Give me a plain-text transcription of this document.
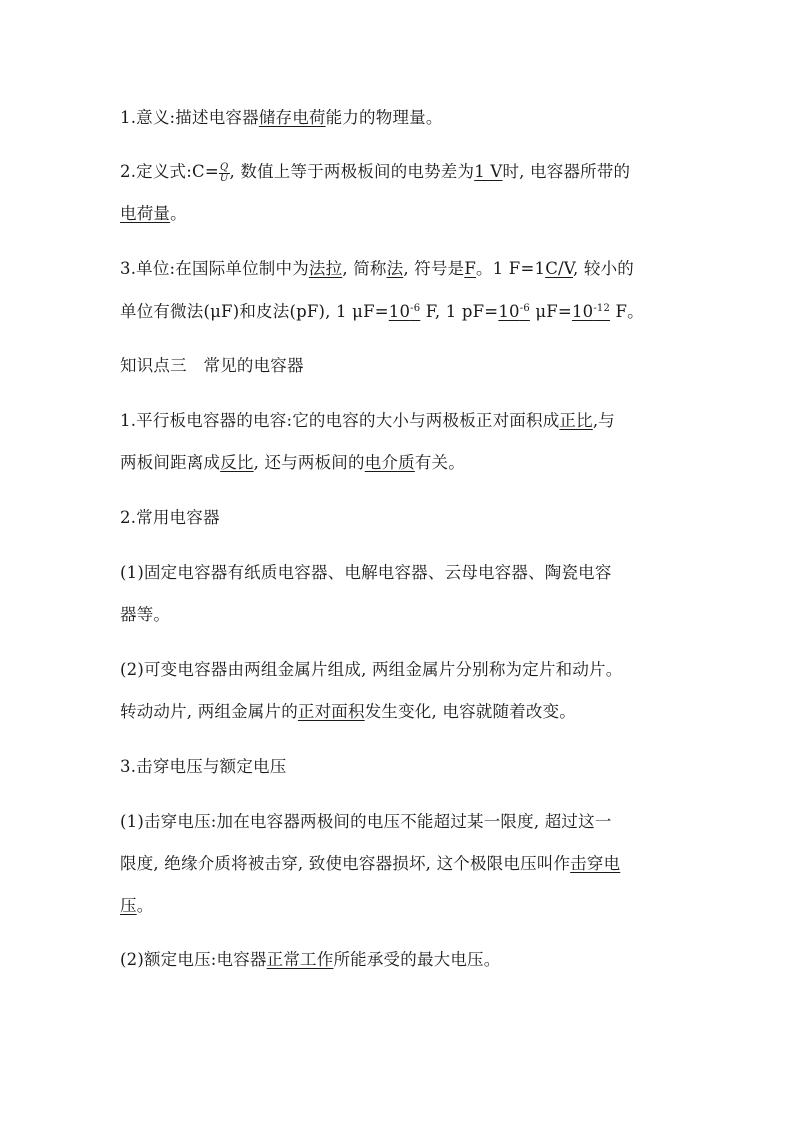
1.意义:描述电容器储存电荷能力的物理量。
2.定义式:C= $\frac{Q}{U}$ , 数值上等于两极板间的电势差为1 V时, 电容器所带的
电荷量。
3.单位:在国际单位制中为法拉, 简称法, 符号是F。1 F=1C/V, 较小的
单位有微法(μF)和皮法(pF), 1 $\mu F=10^{-6}$ F, 1 $pF=10^{-6}$ $\mu F=10^{-12}$ F。
知识点三　常见的电容器
1.平行板电容器的电容:它的电容的大小与两极板正对面积成正比,与
两板间距离成反比, 还与两板间的电介质有关。
2.常用电容器
(1)固定电容器有纸质电容器、电解电容器、云母电容器、陶瓷电容
器等。
(2)可变电容器由两组金属片组成, 两组金属片分别称为定片和动片。
转动动片, 两组金属片的正对面积发生变化, 电容就随着改变。
3.击穿电压与额定电压
(1)击穿电压:加在电容器两极间的电压不能超过某一限度, 超过这一
限度, 绝缘介质将被击穿, 致使电容器损坏, 这个极限电压叫作击穿电
压。
(2)额定电压:电容器正常工作所能承受的最大电压。
